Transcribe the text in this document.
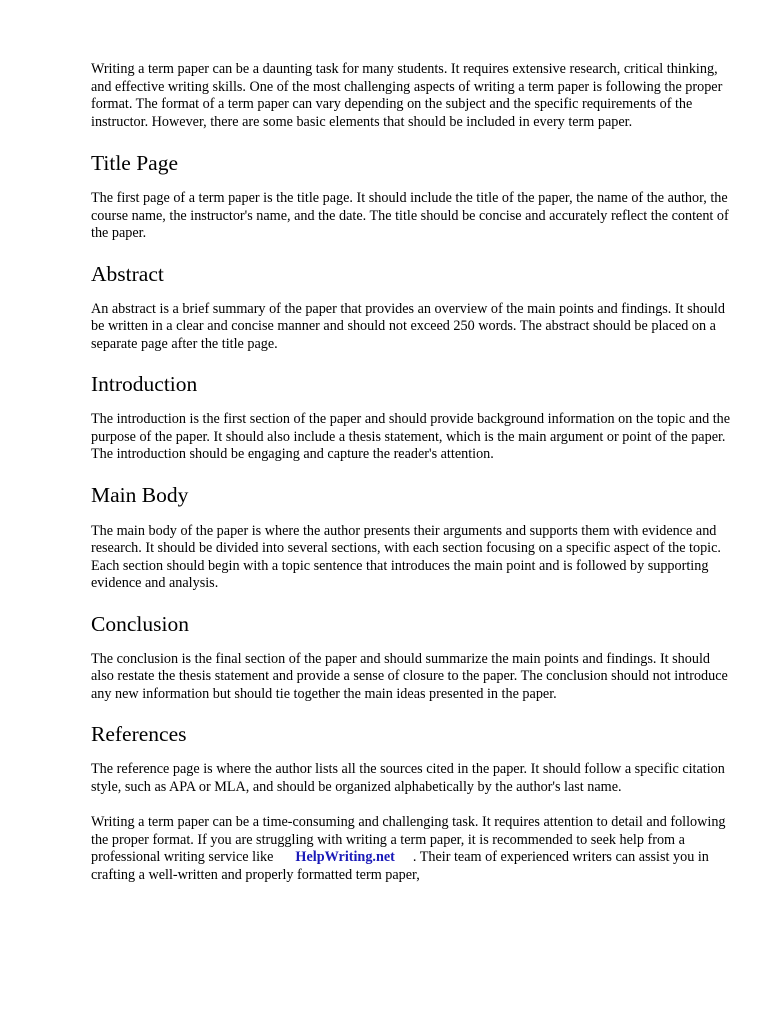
Writing a term paper can be a daunting task for many students. It requires extensive research, critical thinking, and effective writing skills. One of the most challenging aspects of writing a term paper is following the proper format. The format of a term paper can vary depending on the subject and the specific requirements of the instructor. However, there are some basic elements that should be included in every term paper.

Title Page

The first page of a term paper is the title page. It should include the title of the paper, the name of the author, the course name, the instructor's name, and the date. The title should be concise and accurately reflect the content of the paper.

Abstract

An abstract is a brief summary of the paper that provides an overview of the main points and findings. It should be written in a clear and concise manner and should not exceed 250 words. The abstract should be placed on a separate page after the title page.

Introduction

The introduction is the first section of the paper and should provide background information on the topic and the purpose of the paper. It should also include a thesis statement, which is the main argument or point of the paper. The introduction should be engaging and capture the reader's attention.

Main Body

The main body of the paper is where the author presents their arguments and supports them with evidence and research. It should be divided into several sections, with each section focusing on a specific aspect of the topic. Each section should begin with a topic sentence that introduces the main point and is followed by supporting evidence and analysis.

Conclusion

The conclusion is the final section of the paper and should summarize the main points and findings. It should also restate the thesis statement and provide a sense of closure to the paper. The conclusion should not introduce any new information but should tie together the main ideas presented in the paper.

References

The reference page is where the author lists all the sources cited in the paper. It should follow a specific citation style, such as APA or MLA, and should be organized alphabetically by the author's last name.

Writing a term paper can be a time-consuming and challenging task. It requires attention to detail and following the proper format. If you are struggling with writing a term paper, it is recommended to seek help from a professional writing service like HelpWriting.net . Their team of experienced writers can assist you in crafting a well-written and properly formatted term paper,
